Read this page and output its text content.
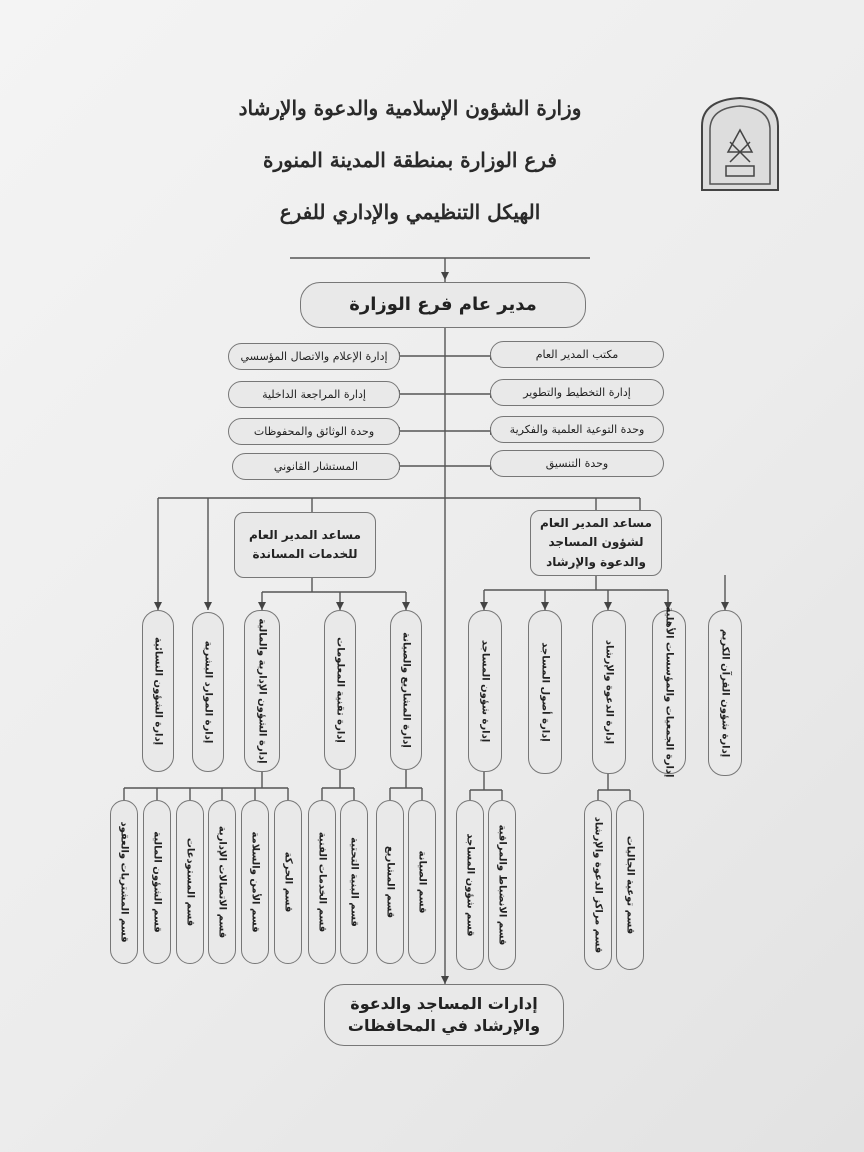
وزارة الشؤون الإسلامية والدعوة والإرشاد
فرع الوزارة بمنطقة المدينة المنورة
الهيكل التنظيمي والإداري للفرع
مدير عام فرع الوزارة
إدارة الإعلام والاتصال المؤسسي
إدارة المراجعة الداخلية
وحدة الوثائق والمحفوظات
المستشار القانوني
مكتب المدير العام
إدارة التخطيط والتطوير
وحدة التوعية العلمية والفكرية
وحدة التنسيق
مساعد المدير العام للخدمات المساندة
مساعد المدير العام لشؤون المساجد والدعوة والإرشاد
إدارة الشؤون النسائية	إدارة الموارد البشرية	إدارة الشؤون الإدارية والمالية	إدارة تقنية المعلومات	إدارة المشاريع والصيانة	إدارة شؤون المساجد	إدارة أصول المساجد	إدارة الدعوة والإرشاد	إدارة الجمعيات والمؤسسات الأهلية	إدارة شؤون القرآن الكريم
قسم المشتريات والعقود قسم الشؤون المالية قسم المستودعات قسم الاتصالات الإدارية قسم الأمن والسلامة قسم الحركة قسم الخدمات الفنية قسم البنية التحتية	قسم المشاريع قسم الصيانة	قسم شؤون المساجد قسم الانضباط والمراقبة	قسم مراكز الدعوة والإرشاد قسم توعية الجاليات
إدارات المساجد والدعوة والإرشاد في المحافظات
